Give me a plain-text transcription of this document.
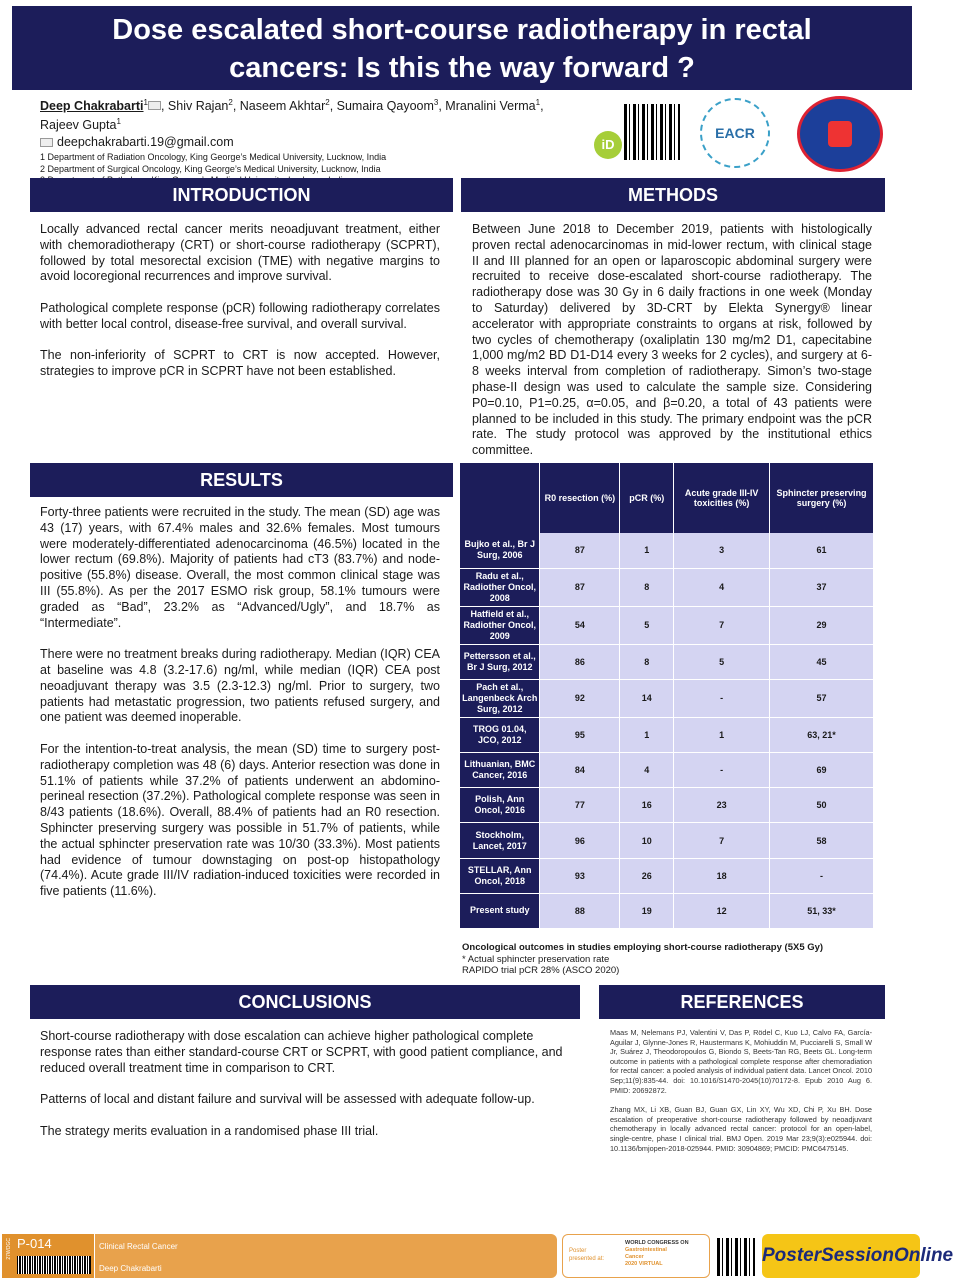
Dose escalated short-course radiotherapy in rectal
cancers: Is this the way forward ?
Deep Chakrabarti$^1$ , Shiv Rajan$^2$, Naseem Akhtar$^2$, Sumaira Qayoom$^3$, Mranalini Verma$^1$,
Rajeev Gupta$^1$
deepchakrabarti.19@gmail.com
1 Department of Radiation Oncology, King George’s Medical University, Lucknow, India
2 Department of Surgical Oncology, King George’s Medical University, Lucknow, India
iD
EACR
INTRODUCTION

Locally advanced rectal cancer merits neoadjuvant treatment, either with chemoradiotherapy (CRT) or short-course radiotherapy (SCPRT), followed by total mesorectal excision (TME) with negative margins to avoid locoregional recurrences and improve survival.

Pathological complete response (pCR) following radiotherapy correlates with better local control, disease-free survival, and overall survival.

The non-inferiority of SCPRT to CRT is now accepted. However, strategies to improve pCR in SCPRT have not been established.

METHODS

Between June 2018 to December 2019, patients with histologically proven rectal adenocarcinomas in mid-lower rectum, with clinical stage II and III planned for an open or laparoscopic abdominal surgery were recruited to receive dose-escalated short-course radiotherapy. The radiotherapy dose was 30 Gy in 6 daily fractions in one week (Monday to Saturday) delivered by 3D-CRT by Elekta Synergy® linear accelerator with appropriate constraints to organs at risk, followed by two cycles of chemotherapy (oxaliplatin 130 mg/m2 D1, capecitabine 1,000 mg/m2 BD D1-D14 every 3 weeks for 2 cycles), and surgery at 6-8 weeks interval from completion of radiotherapy. Simon’s two-stage phase-II design was used to calculate the sample size. Considering P0=0.10, P1=0.25, α=0.05, and β=0.20, a total of 43 patients were planned to be included in this study. The primary endpoint was the pCR rate. The study protocol was approved by the institutional ethics committee.

RESULTS

Forty-three patients were recruited in the study. The mean (SD) age was 43 (17) years, with 67.4% males and 32.6% females. Most tumours were moderately-differentiated adenocarcinoma (46.5%) located in the lower rectum (69.8%). Majority of patients had cT3 (83.7%) and node-positive (55.8%) disease. Overall, the most common clinical stage was III (55.8%). As per the 2017 ESMO risk group, 58.1% tumours were graded as “Bad”, 23.2% as “Advanced/Ugly”, and 18.7% as “Intermediate”.

There were no treatment breaks during radiotherapy. Median (IQR) CEA at baseline was 4.8 (3.2-17.6) ng/ml, while median (IQR) CEA post neoadjuvant therapy was 3.5 (2.3-12.3) ng/ml. Prior to surgery, two patients had metastatic progression, two patients refused surgery, and one patient was deemed inoperable.

For the intention-to-treat analysis, the mean (SD) time to surgery post-radiotherapy completion was 48 (6) days. Anterior resection was done in 51.1% of patients while 37.2% of patients underwent an abdomino-perineal resection (37.2%). Pathological complete response was seen in 8/43 patients (18.6%). Overall, 88.4% of patients had an R0 resection. Sphincter preserving surgery was possible in 51.7% of patients, while the actual sphincter preservation rate was 10/30 (33.3%). Most patients had evidence of tumour downstaging on post-op histopathology (74.4%). Acute grade III/IV radiation-induced toxicities were recorded in five patients (11.6%).

	R0 resection (%)	pCR (%)	Acute grade III-IV toxicities (%)	Sphincter preserving surgery (%)
Bujko et al., Br J Surg, 2006	87	1	3	61
Radu et al., Radiother Oncol, 2008	87	8	4	37
Hatfield et al., Radiother Oncol, 2009	54	5	7	29
Pettersson et al., Br J Surg, 2012	86	8	5	45
Pach et al., Langenbeck Arch Surg, 2012	92	14	-	57
TROG 01.04, JCO, 2012	95	1	1	63, 21*
Lithuanian, BMC Cancer, 2016	84	4	-	69
Polish, Ann Oncol, 2016	77	16	23	50
Stockholm, Lancet, 2017	96	10	7	58
STELLAR, Ann Oncol, 2018	93	26	18	-
Present study	88	19	12	51, 33*
Oncological outcomes in studies employing short-course radiotherapy (5X5 Gy)
* Actual sphincter preservation rate
RAPIDO trial pCR 28% (ASCO 2020)
CONCLUSIONS

Short-course radiotherapy with dose escalation can achieve higher pathological complete response rates than either standard-course CRT or SCPRT, with good patient compliance, and reduced overall treatment time in comparison to CRT.

Patterns of local and distant failure and survival will be assessed with adequate follow-up.

The strategy merits evaluation in a randomised phase III trial.

REFERENCES

Maas M, Nelemans PJ, Valentini V, Das P, Rödel C, Kuo LJ, Calvo FA, García-Aguilar J, Glynne-Jones R, Haustermans K, Mohiuddin M, Pucciarelli S, Small W Jr, Suárez J, Theodoropoulos G, Biondo S, Beets-Tan RG, Beets GL. Long-term outcome in patients with a pathological complete response after chemoradiation for rectal cancer: a pooled analysis of individual patient data. Lancet Oncol. 2010 Sep;11(9):835-44. doi: 10.1016/S1470-2045(10)70172-8. Epub 2010 Aug 6. PMID: 20692872.

Zhang MX, Li XB, Guan BJ, Guan GX, Lin XY, Wu XD, Chi P, Xu BH. Dose escalation of preoperative short-course radiotherapy followed by neoadjuvant chemotherapy in locally advanced rectal cancer: protocol for an open-label, single-centre, phase I clinical trial. BMJ Open. 2019 Mar 23;9(3):e025944. doi: 10.1136/bmjopen-2018-025944. PMID: 30904869; PMCID: PMC6475145.

27WOGC P-014	Clinical Rectal Cancer
Deep Chakrabarti
Poster presented at:
WORLD CONGRESS ON
Gastrointestinal
Cancer
2020 VIRTUAL	PosterSessionOnline
